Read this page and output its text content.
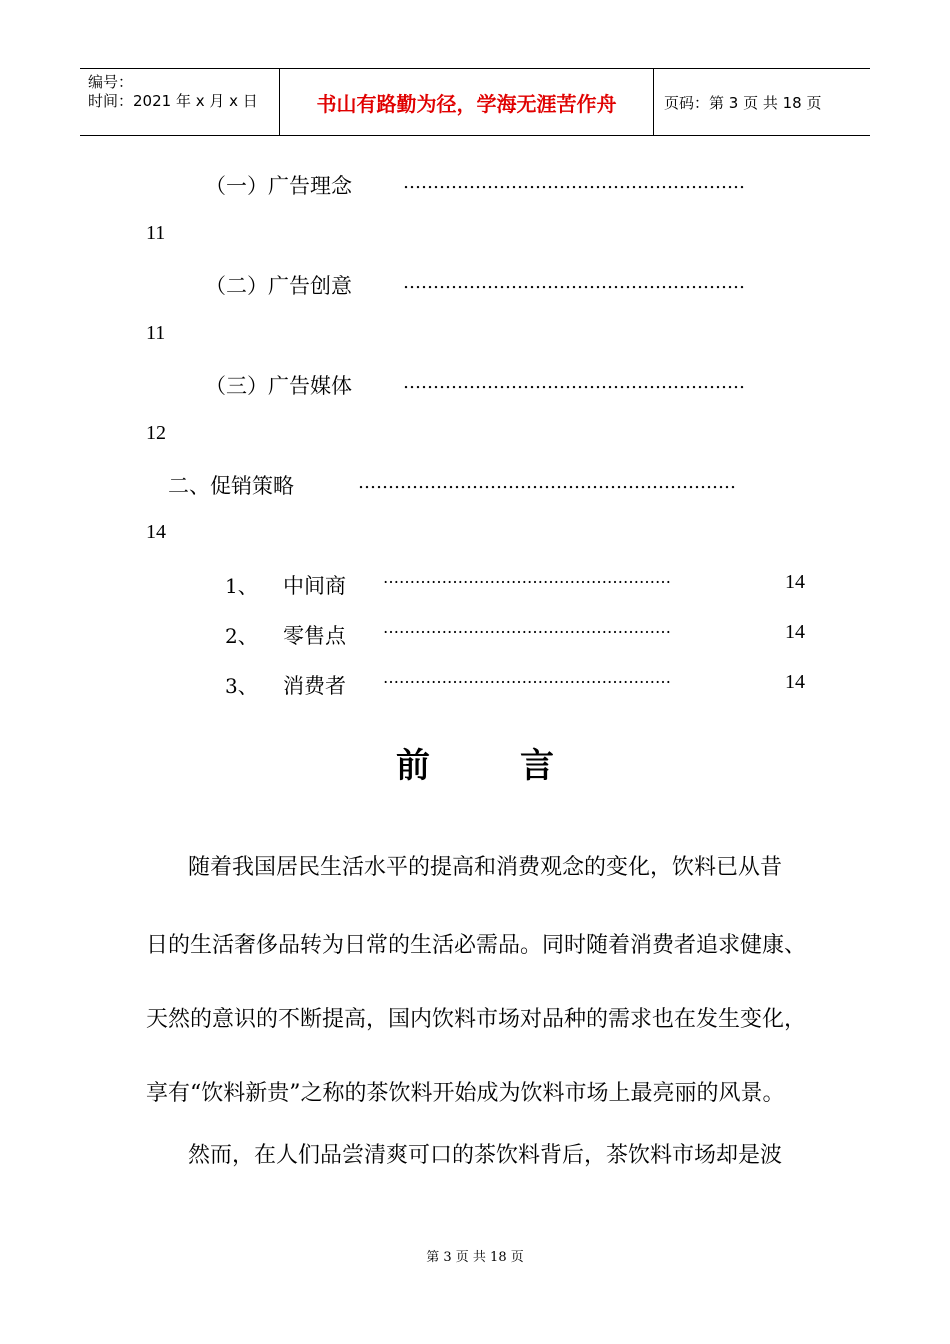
编号：
时间：2021 年 x 月 x 日	书山有路勤为径，学海无涯苦作舟	页码：第 3 页 共 18 页
（一）广告理念	…………………………………………………
11
（二）广告创意	…………………………………………………
11
（三）广告媒体	…………………………………………………
12
二、促销策略	………………………………………………………
14
1、 中间商 ………………………………………………	14
2、 零售点 ………………………………………………	14
3、 消费者 ………………………………………………	14
前	言
随着我国居民生活水平的提高和消费观念的变化，饮料已从昔
日的生活奢侈品转为日常的生活必需品。同时随着消费者追求健康、
天然的意识的不断提高，国内饮料市场对品种的需求也在发生变化，
享有“饮料新贵”之称的茶饮料开始成为饮料市场上最亮丽的风景。
然而，在人们品尝清爽可口的茶饮料背后，茶饮料市场却是波
第 3 页 共 18 页
